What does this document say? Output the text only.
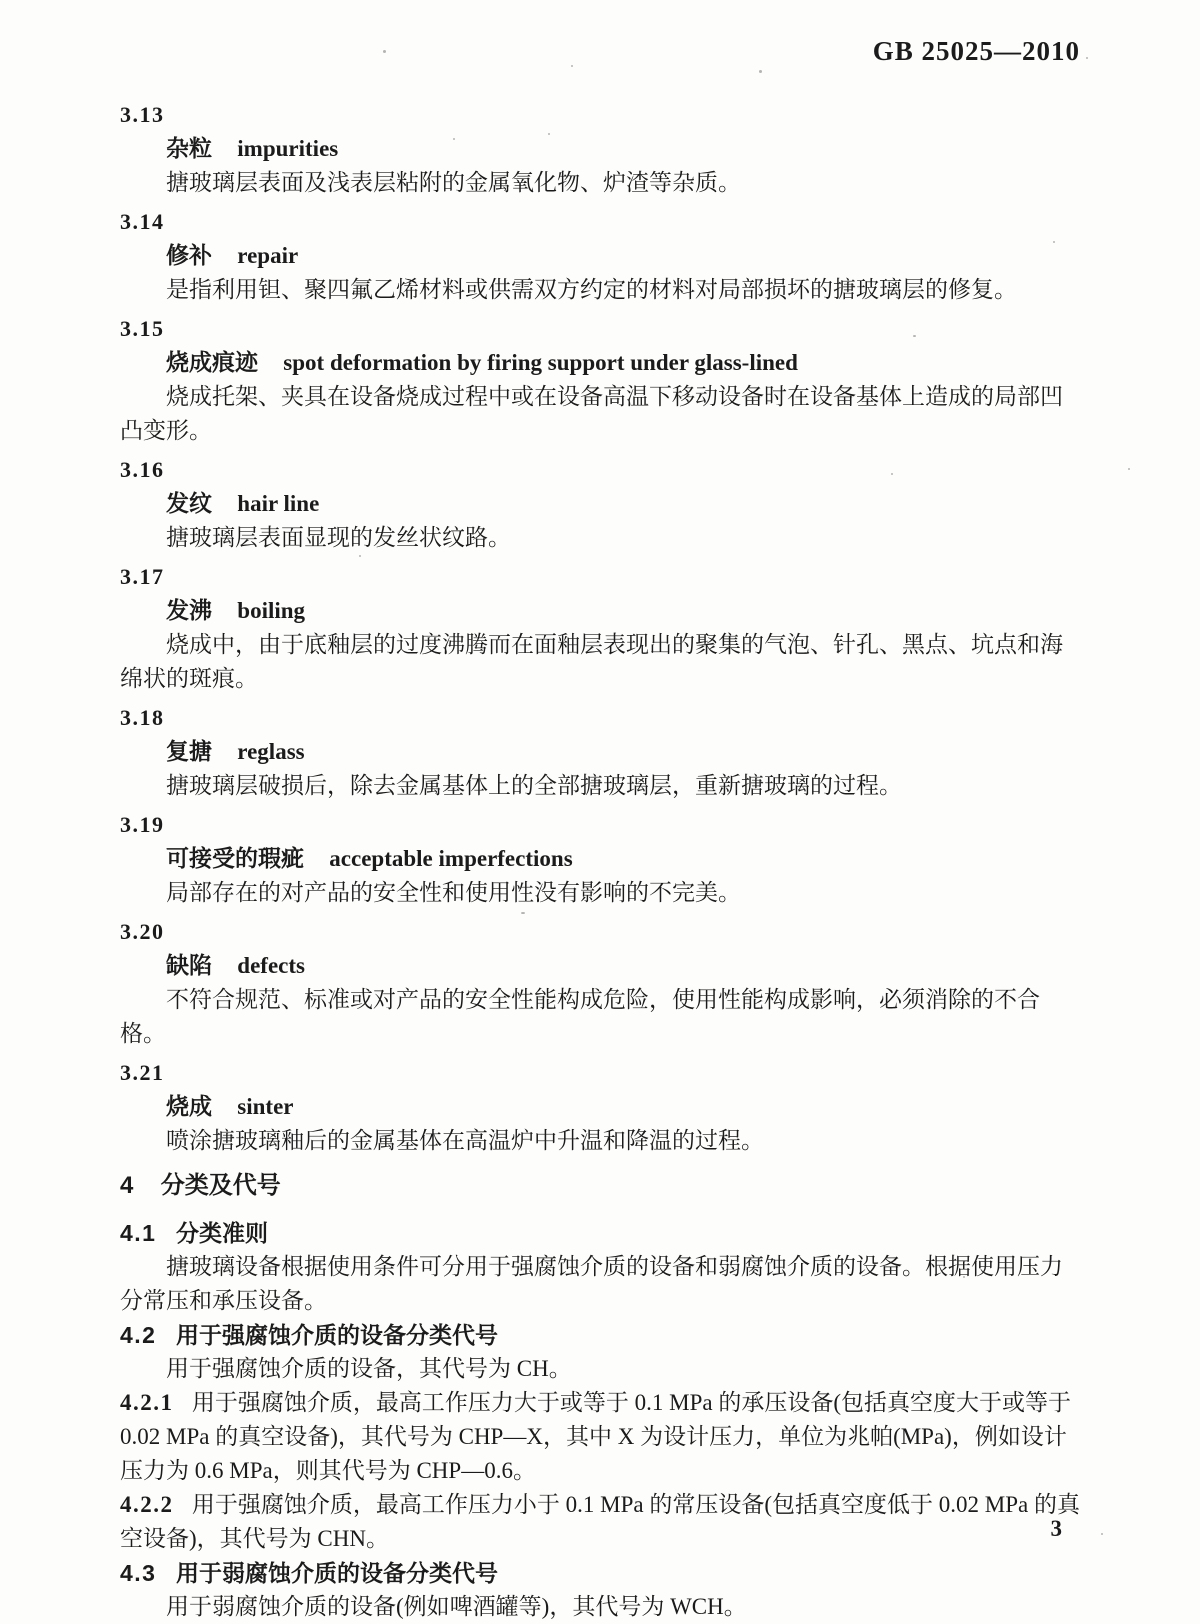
GB 25025—2010
3.13
杂粒 impurities

搪玻璃层表面及浅表层粘附的金属氧化物、炉渣等杂质。

3.14
修补 repair

是指利用钽、聚四氟乙烯材料或供需双方约定的材料对局部损坏的搪玻璃层的修复。

3.15
烧成痕迹 spot deformation by firing support under glass-lined

烧成托架、夹具在设备烧成过程中或在设备高温下移动设备时在设备基体上造成的局部凹凸变形。

3.16
发纹 hair line

搪玻璃层表面显现的发丝状纹路。

3.17
发沸 boiling

烧成中，由于底釉层的过度沸腾而在面釉层表现出的聚集的气泡、针孔、黑点、坑点和海绵状的斑痕。

3.18
复搪 reglass

搪玻璃层破损后，除去金属基体上的全部搪玻璃层，重新搪玻璃的过程。

3.19
可接受的瑕疵 acceptable imperfections

局部存在的对产品的安全性和使用性没有影响的不完美。

3.20
缺陷 defects

不符合规范、标准或对产品的安全性能构成危险，使用性能构成影响，必须消除的不合格。

3.21
烧成 sinter

喷涂搪玻璃釉后的金属基体在高温炉中升温和降温的过程。

4 分类及代号
4.1 分类准则

搪玻璃设备根据使用条件可分用于强腐蚀介质的设备和弱腐蚀介质的设备。根据使用压力分常压和承压设备。

4.2 用于强腐蚀介质的设备分类代号

用于强腐蚀介质的设备，其代号为 CH。

4.2.1 用于强腐蚀介质，最高工作压力大于或等于 0.1 MPa 的承压设备(包括真空度大于或等于 0.02 MPa 的真空设备)，其代号为 CHP—X，其中 X 为设计压力，单位为兆帕(MPa)，例如设计压力为 0.6 MPa，则其代号为 CHP—0.6。

4.2.2 用于强腐蚀介质，最高工作压力小于 0.1 MPa 的常压设备(包括真空度低于 0.02 MPa 的真空设备)，其代号为 CHN。

4.3 用于弱腐蚀介质的设备分类代号

用于弱腐蚀介质的设备(例如啤酒罐等)，其代号为 WCH。

3
